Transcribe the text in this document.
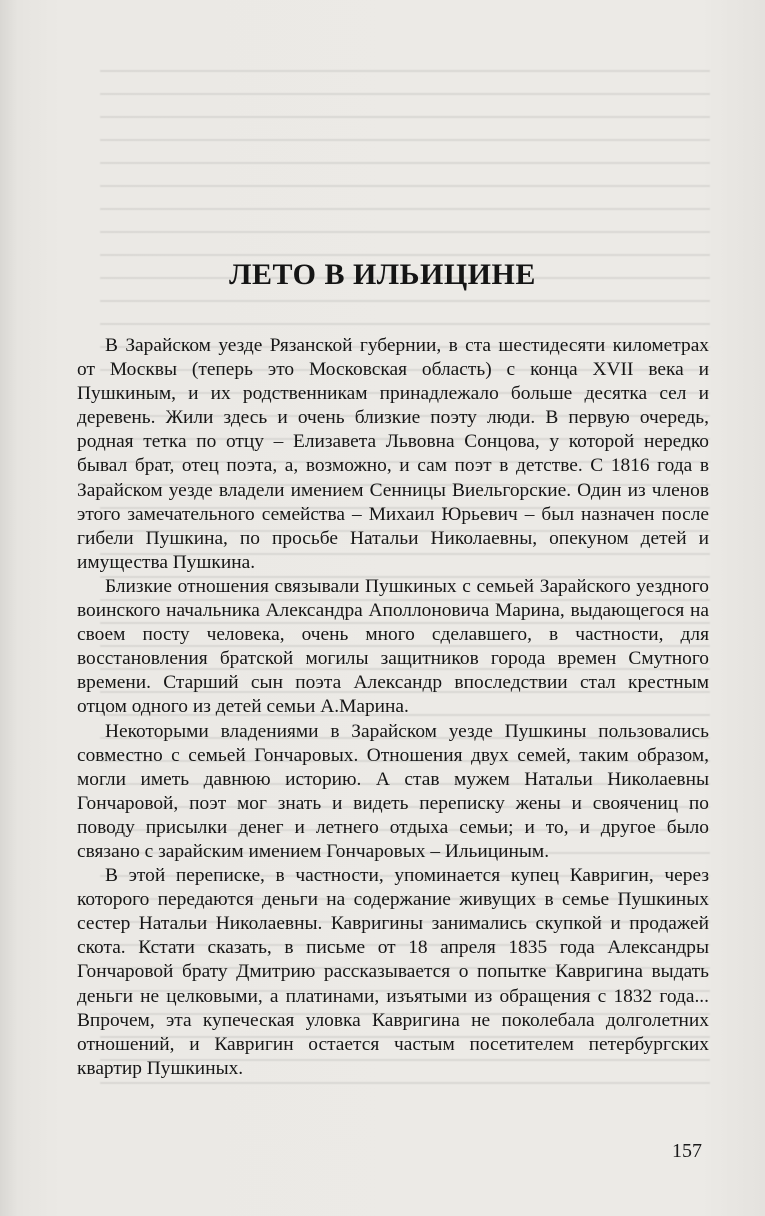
ЛЕТО В ИЛЬИЦИНЕ

В Зарайском уезде Рязанской губернии, в ста шестидесяти километрах от Москвы (теперь это Московская область) с конца XVII века и Пушкиным, и их родственникам принадлежало больше десятка сел и деревень. Жили здесь и очень близкие поэту люди. В первую очередь, родная тетка по отцу – Елизавета Львовна Сонцова, у которой нередко бывал брат, отец поэта, а, возможно, и сам поэт в детстве. С 1816 года в Зарайском уезде владели имением Сенницы Виельгорские. Один из членов этого замечательного семейства – Михаил Юрьевич – был назначен после гибели Пушкина, по просьбе Натальи Николаевны, опекуном детей и имущества Пушкина.

Близкие отношения связывали Пушкиных с семьей Зарайского уездного воинского начальника Александра Аполлоновича Марина, выдающегося на своем посту человека, очень много сделавшего, в частности, для восстановления братской могилы защитников города времен Смутного времени. Старший сын поэта Александр впоследствии стал крестным отцом одного из детей семьи А.Марина.

Некоторыми владениями в Зарайском уезде Пушкины пользовались совместно с семьей Гончаровых. Отношения двух семей, таким образом, могли иметь давнюю историю. А став мужем Натальи Николаевны Гончаровой, поэт мог знать и видеть переписку жены и своячениц по поводу присылки денег и летнего отдыха семьи; и то, и другое было связано с зарайским имением Гончаровых – Ильициным.

В этой переписке, в частности, упоминается купец Кавригин, через которого передаются деньги на содержание живущих в семье Пушкиных сестер Натальи Николаевны. Кавригины занимались скупкой и продажей скота. Кстати сказать, в письме от 18 апреля 1835 года Александры Гончаровой брату Дмитрию рассказывается о попытке Кавригина выдать деньги не целковыми, а платинами, изъятыми из обращения с 1832 года... Впрочем, эта купеческая уловка Кавригина не поколебала долголетних отношений, и Кавригин остается частым посетителем петербургских квартир Пушкиных.

157
